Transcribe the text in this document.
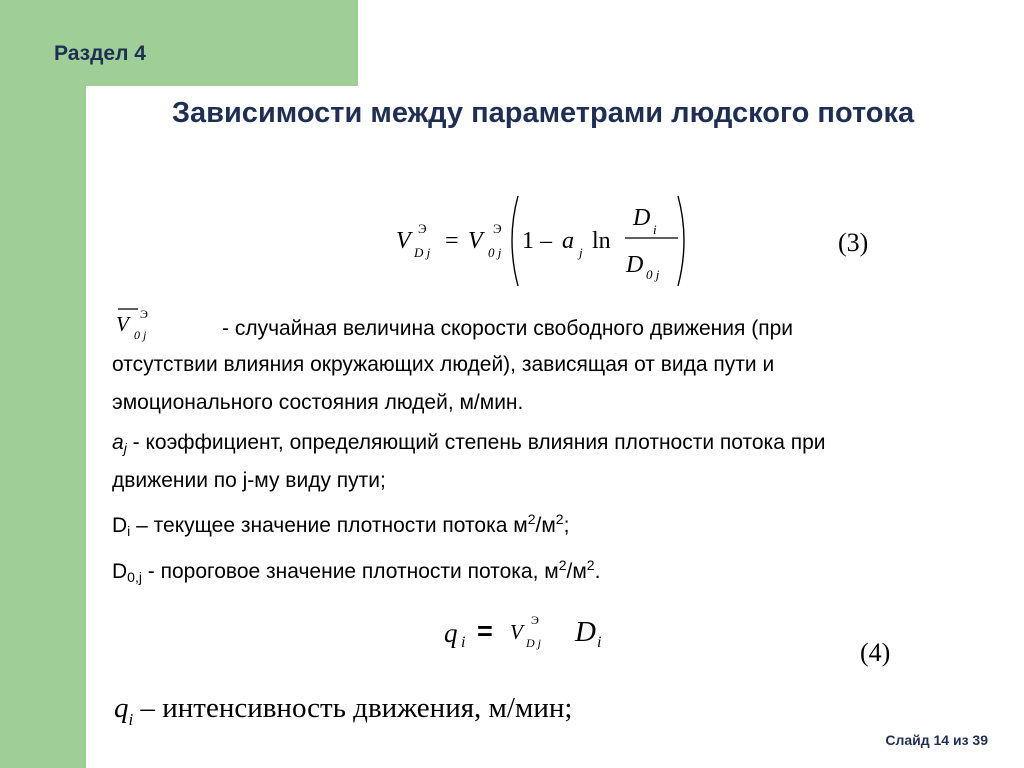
Раздел 4
Зависимости между параметрами людского потока
V Э
D j = V Э
0 j 1 – a j ln
D i
D 0 j
(3)
V Э
0 j	- случайная величина скорости свободного движения (при
отсутствии влияния окружающих людей), зависящая от вида пути и
эмоционального состояния людей, м/мин.
aj - коэффициент, определяющий степень влияния плотности потока при
движении по j-му виду пути;
Di – текущее значение плотности потока $м^2/м^2$;
D0,j - пороговое значение плотности потока, $м^2/м^2$.
q i = V Э
D j D i	(4)
$q_i$ – интенсивность движения, м/мин;
Слайд 14 из 39
